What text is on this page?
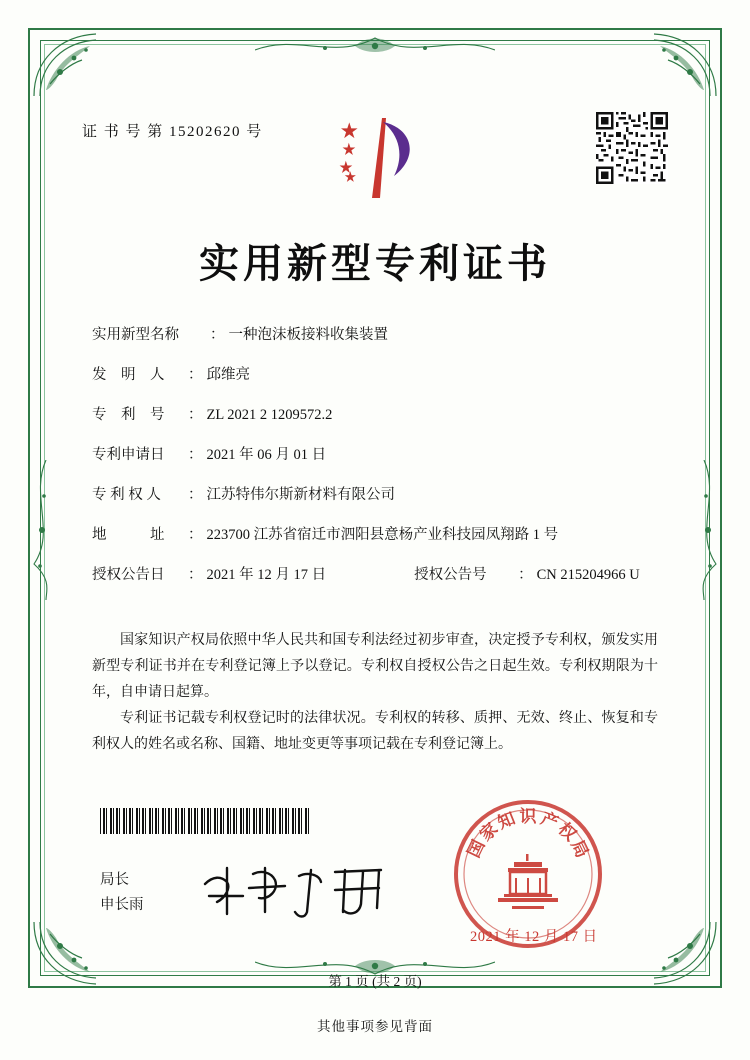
证 书 号 第 15202620 号
实用新型专利证书
实用新型名称	： 一种泡沫板接料收集装置
发　明　人	： 邱维亮
专　利　号	： ZL 2021 2 1209572.2
专利申请日	： 2021 年 06 月 01 日
专 利 权 人	： 江苏特伟尔斯新材料有限公司
地　　　址	： 223700 江苏省宿迁市泗阳县意杨产业科技园凤翔路 1 号
授权公告日	： 2021 年 12 月 17 日	授权公告号	： CN 215204966 U

国家知识产权局依照中华人民共和国专利法经过初步审查，决定授予专利权，颁发实用新型专利证书并在专利登记簿上予以登记。专利权自授权公告之日起生效。专利权期限为十年，自申请日起算。

专利证书记载专利权登记时的法律状况。专利权的转移、质押、无效、终止、恢复和专利权人的姓名或名称、国籍、地址变更等事项记载在专利登记簿上。

国
家
知 识 产
权
局
2021 年 12 月 17 日
局长
申长雨
第 1 页 (共 2 页)
其他事项参见背面
